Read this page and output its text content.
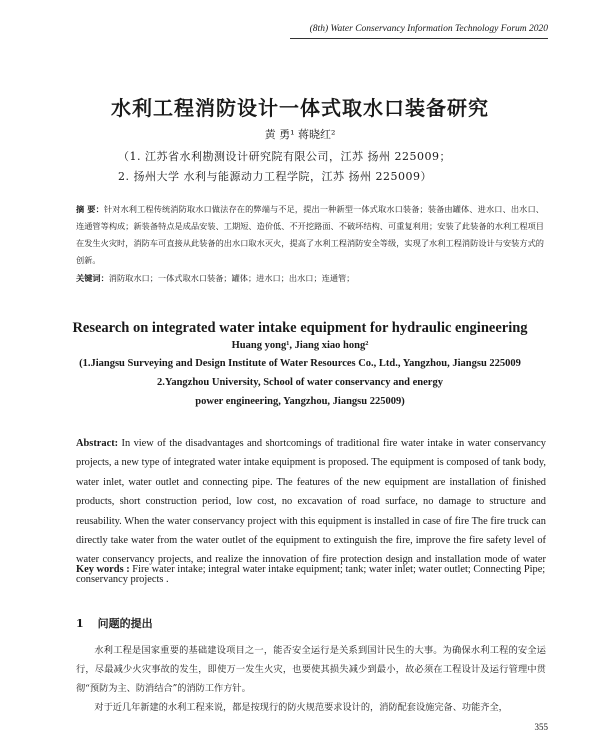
(8th) Water Conservancy Information Technology Forum 2020
水利工程消防设计一体式取水口装备研究
黄 勇¹ 蒋晓红²
（1. 江苏省水利勘测设计研究院有限公司，江苏 扬州 225009；
2. 扬州大学 水利与能源动力工程学院，江苏 扬州 225009）
摘 要：针对水利工程传统消防取水口做法存在的弊端与不足，提出一种新型一体式取水口装备；装备由罐体、进水口、出水口、连通管等构成；新装备特点是成品安装、工期短、造价低、不开挖路面、不破坏结构、可重复利用；安装了此装备的水利工程项目在发生火灾时，消防车可直接从此装备的出水口取水灭火，提高了水利工程消防安全等级，实现了水利工程消防设计与安装方式的创新。
关键词：消防取水口；一体式取水口装备；罐体；进水口；出水口；连通管；
Research on integrated water intake equipment for hydraulic engineering
Huang yong¹, Jiang xiao hong²
(1.Jiangsu Surveying and Design Institute of Water Resources Co., Ltd., Yangzhou, Jiangsu 225009
2.Yangzhou University, School of water conservancy and energy
power engineering, Yangzhou, Jiangsu 225009)
Abstract: In view of the disadvantages and shortcomings of traditional fire water intake in water conservancy projects, a new type of integrated water intake equipment is proposed. The equipment is composed of tank body, water inlet, water outlet and connecting pipe. The features of the new equipment are installation of finished products, short construction period, low cost, no excavation of road surface, no damage to structure and reusability. When the water conservancy project with this equipment is installed in case of fire The fire truck can directly take water from the water outlet of the equipment to extinguish the fire, improve the fire safety level of water conservancy projects, and realize the innovation of fire protection design and installation mode of water conservancy projects .
Key words : Fire water intake; integral water intake equipment; tank; water inlet; water outlet; Connecting Pipe;
1 问题的提出

水利工程是国家重要的基础建设项目之一，能否安全运行是关系到国计民生的大事。为确保水利工程的安全运行，尽最减少火灾事故的发生，即使万一发生火灾，也要使其损失减少到最小，故必须在工程设计及运行管理中贯彻“预防为主、防消结合”的消防工作方针。

对于近几年新建的水利工程来说，都是按现行的防火规范要求设计的，消防配套设施完备、功能齐全，

355
